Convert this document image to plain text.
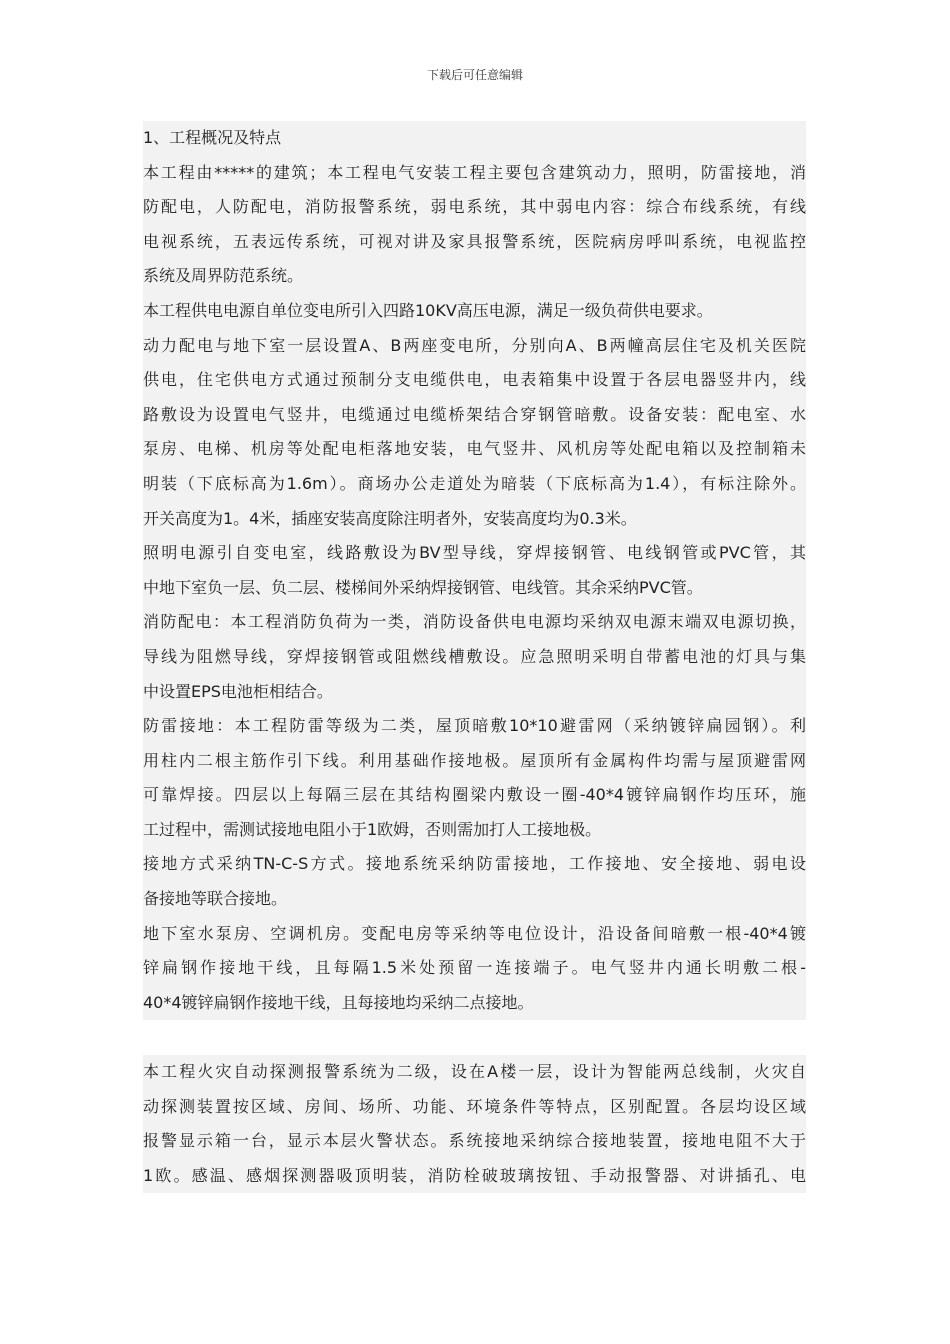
下载后可任意编辑
1、工程概况及特点
本工程由*****的建筑；本工程电气安装工程主要包含建筑动力，照明，防雷接地，消
防配电，人防配电，消防报警系统，弱电系统，其中弱电内容：综合布线系统，有线
电视系统，五表远传系统，可视对讲及家具报警系统，医院病房呼叫系统，电视监控
系统及周界防范系统。
本工程供电电源自单位变电所引入四路10KV高压电源，满足一级负荷供电要求。
动力配电与地下室一层设置A、B两座变电所，分别向A、B两幢高层住宅及机关医院
供电，住宅供电方式通过预制分支电缆供电，电表箱集中设置于各层电器竖井内，线
路敷设为设置电气竖井，电缆通过电缆桥架结合穿钢管暗敷。设备安装：配电室、水
泵房、电梯、机房等处配电柜落地安装，电气竖井、风机房等处配电箱以及控制箱未
明装（下底标高为1.6m）。商场办公走道处为暗装（下底标高为1.4），有标注除外。
开关高度为1。4米，插座安装高度除注明者外，安装高度均为0.3米。
照明电源引自变电室，线路敷设为BV型导线，穿焊接钢管、电线钢管或PVC管，其
中地下室负一层、负二层、楼梯间外采纳焊接钢管、电线管。其余采纳PVC管。
消防配电：本工程消防负荷为一类，消防设备供电电源均采纳双电源末端双电源切换，
导线为阻燃导线，穿焊接钢管或阻燃线槽敷设。应急照明采明自带蓄电池的灯具与集
中设置EPS电池柜相结合。
防雷接地：本工程防雷等级为二类，屋顶暗敷10*10避雷网（采纳镀锌扁园钢）。利
用柱内二根主筋作引下线。利用基础作接地极。屋顶所有金属构件均需与屋顶避雷网
可靠焊接。四层以上每隔三层在其结构圈梁内敷设一圈-40*4镀锌扁钢作均压环，施
工过程中，需测试接地电阻小于1欧姆，否则需加打人工接地极。
接地方式采纳TN-C-S方式。接地系统采纳防雷接地，工作接地、安全接地、弱电设
备接地等联合接地。
地下室水泵房、空调机房。变配电房等采纳等电位设计，沿设备间暗敷一根-40*4镀
锌扁钢作接地干线，且每隔1.5米处预留一连接端子。电气竖井内通长明敷二根-
40*4镀锌扁钢作接地干线，且每接地均采纳二点接地。
本工程火灾自动探测报警系统为二级，设在A楼一层，设计为智能两总线制，火灾自
动探测装置按区域、房间、场所、功能、环境条件等特点，区别配置。各层均设区域
报警显示箱一台，显示本层火警状态。系统接地采纳综合接地装置，接地电阻不大于
1欧。感温、感烟探测器吸顶明装，消防栓破玻璃按钮、手动报警器、对讲插孔、电
